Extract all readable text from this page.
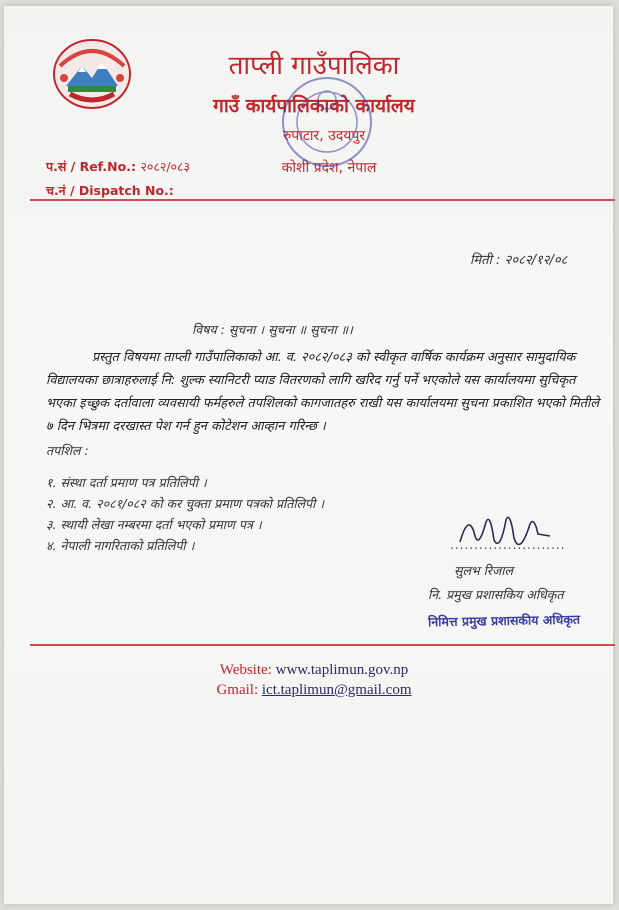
ताप्ली गाउँपालिका
गाउँ कार्यपालिकाको कार्यालय
रुपाटार, उदयपुर
कोशी प्रदेश, नेपाल
प.सं / Ref.No.: २०८२/०८३
च.नं / Dispatch No.:
मिती : २०८२/१२/०८
विषय : सुचना । सुचना ॥ सुचना ॥।
प्रस्तुत विषयमा ताप्ली गाउँपालिकाको आ. व. २०८२/०८३ को स्वीकृत वार्षिक कार्यक्रम अनुसार सामुदायिक विद्यालयका छात्राहरुलाई नि: शुल्क स्यानिटरी प्याड वितरणको लागि खरिद गर्नु पर्ने भएकोले यस कार्यालयमा सुचिकृत भएका इच्छुक दर्तावाला व्यवसायी फर्महरुले तपशिलको कागजातहरु राखी यस कार्यालयमा सुचना प्रकाशित भएको मितीले ७ दिन भित्रमा दरखास्त पेश गर्न हुन कोटेशन आव्हान गरिन्छ ।
तपशिल :
१. संस्था दर्ता प्रमाण पत्र प्रतिलिपी ।
२. आ. व. २०८१/०८२ को कर चुक्ता प्रमाण पत्रको प्रतिलिपी ।
३. स्थायी लेखा नम्बरमा दर्ता भएको प्रमाण पत्र ।
४. नेपाली नागरिताको प्रतिलिपी ।	........................
सुलभ रिजाल
नि. प्रमुख प्रशासकिय अधिकृत
निमित्त प्रमुख प्रशासकीय अधिकृत
Website: www.taplimun.gov.np
Gmail: ict.taplimun@gmail.com
